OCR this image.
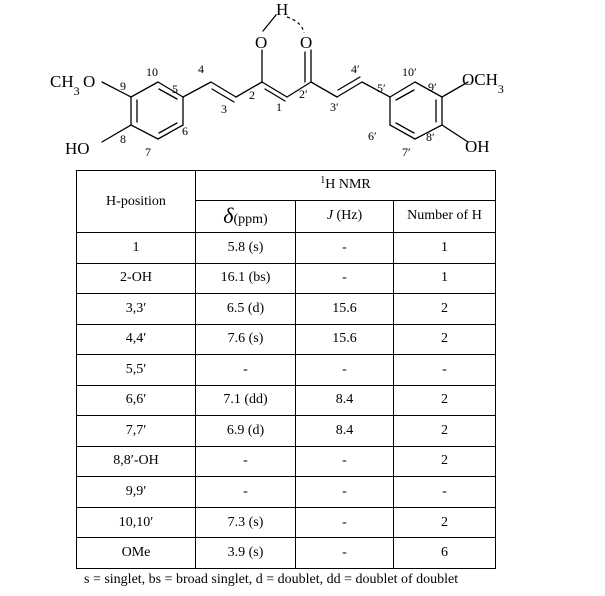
$CH_3$ O
HO
$OCH_3$
OH
O O
H
10
9
8
7
6
5
4
3
2
1
2′
3′
4′
5′
6′
7′
8′
9′
10′
H-position	$^1$H NMR		
	δ(ppm)	J (Hz)	Number of H
1	5.8 (s)	-	1
2-OH	16.1 (bs)	-	1
3,3′	6.5 (d)	15.6	2
4,4′	7.6 (s)	15.6	2
5,5′	-	-	-
6,6′	7.1 (dd)	8.4	2
7,7′	6.9 (d)	8.4	2
8,8′-OH	-	-	2
9,9′	-	-	-
10,10′	7.3 (s)	-	2
OMe	3.9 (s)	-	6
s = singlet, bs = broad singlet, d = doublet, dd = doublet of doublet
